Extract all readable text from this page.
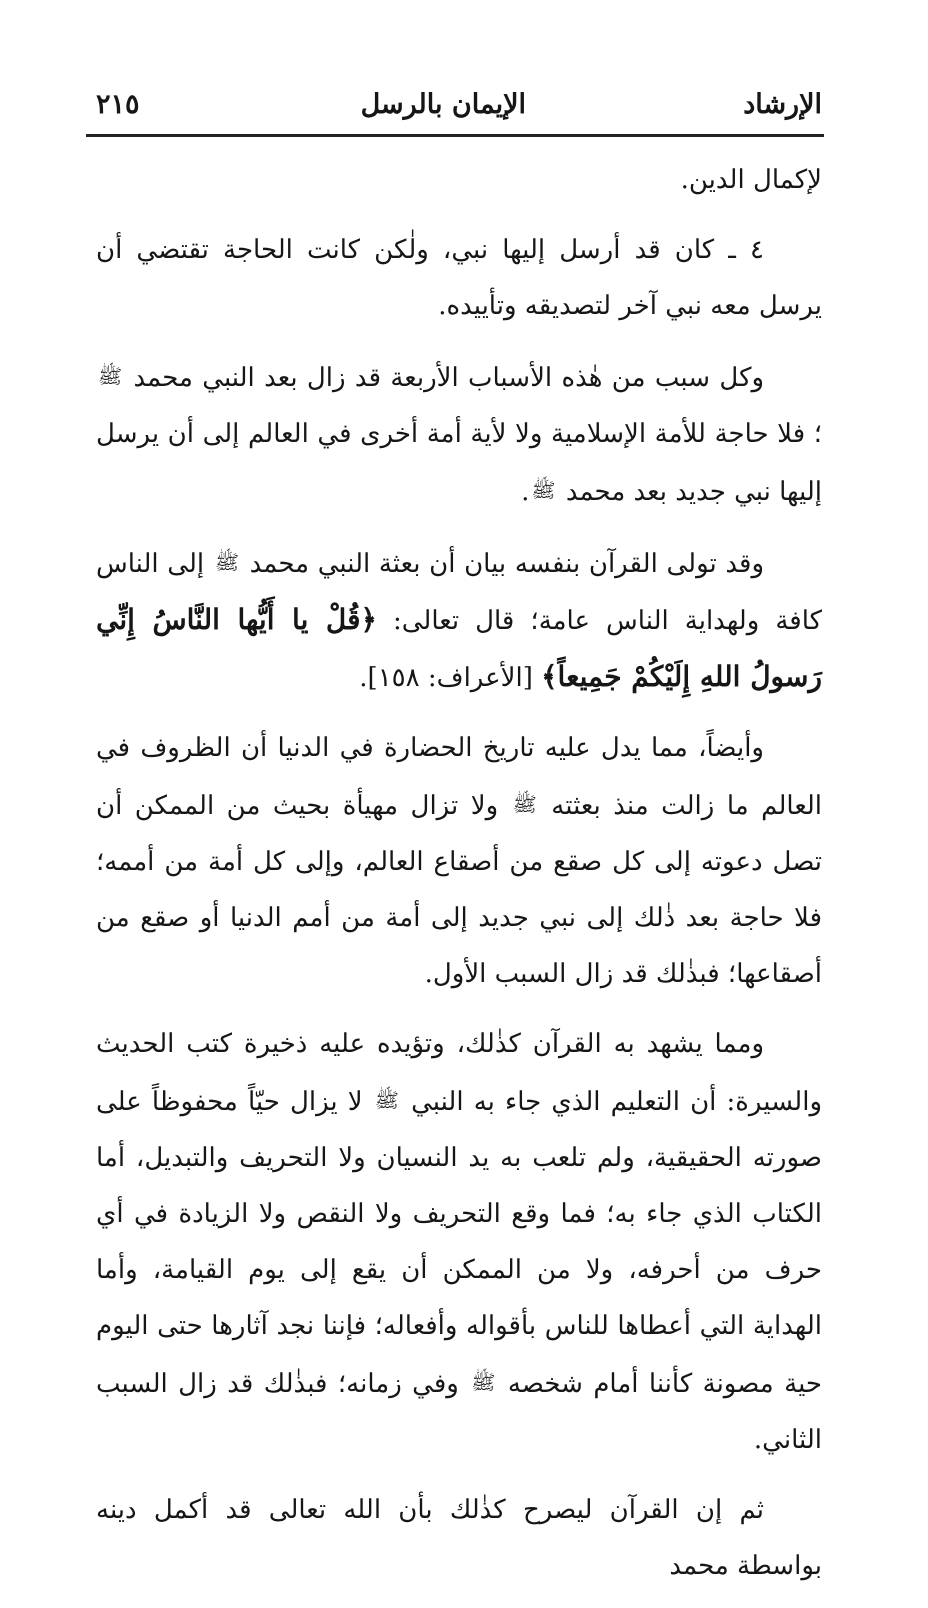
الإرشاد
الإيمان بالرسل
٢١٥

لإكمال الدين.

٤ ـ كان قد أرسل إليها نبي، ولٰكن كانت الحاجة تقتضي أن يرسل معه نبي آخر لتصديقه وتأييده.

وكل سبب من هٰذه الأسباب الأربعة قد زال بعد النبي محمد ﷺ ؛ فلا حاجة للأمة الإسلامية ولا لأية أمة أخرى في العالم إلى أن يرسل إليها نبي جديد بعد محمد ﷺ.

وقد تولى القرآن بنفسه بيان أن بعثة النبي محمد ﷺ إلى الناس كافة ولهداية الناس عامة؛ قال تعالى: ﴿قُلْ يا أَيُّها النَّاسُ إِنِّي رَسولُ اللهِ إِلَيْكُمْ جَمِيعاً﴾ [الأعراف: ١٥٨].

وأيضاً، مما يدل عليه تاريخ الحضارة في الدنيا أن الظروف في العالم ما زالت منذ بعثته ﷺ ولا تزال مهيأة بحيث من الممكن أن تصل دعوته إلى كل صقع من أصقاع العالم، وإلى كل أمة من أممه؛ فلا حاجة بعد ذٰلك إلى نبي جديد إلى أمة من أمم الدنيا أو صقع من أصقاعها؛ فبذٰلك قد زال السبب الأول.

ومما يشهد به القرآن كذٰلك، وتؤيده عليه ذخيرة كتب الحديث والسيرة: أن التعليم الذي جاء به النبي ﷺ لا يزال حيّاً محفوظاً على صورته الحقيقية، ولم تلعب به يد النسيان ولا التحريف والتبديل، أما الكتاب الذي جاء به؛ فما وقع التحريف ولا النقص ولا الزيادة في أي حرف من أحرفه، ولا من الممكن أن يقع إلى يوم القيامة، وأما الهداية التي أعطاها للناس بأقواله وأفعاله؛ فإننا نجد آثارها حتى اليوم حية مصونة كأننا أمام شخصه ﷺ وفي زمانه؛ فبذٰلك قد زال السبب الثاني.

ثم إن القرآن ليصرح كذٰلك بأن الله تعالى قد أكمل دينه بواسطة محمد
